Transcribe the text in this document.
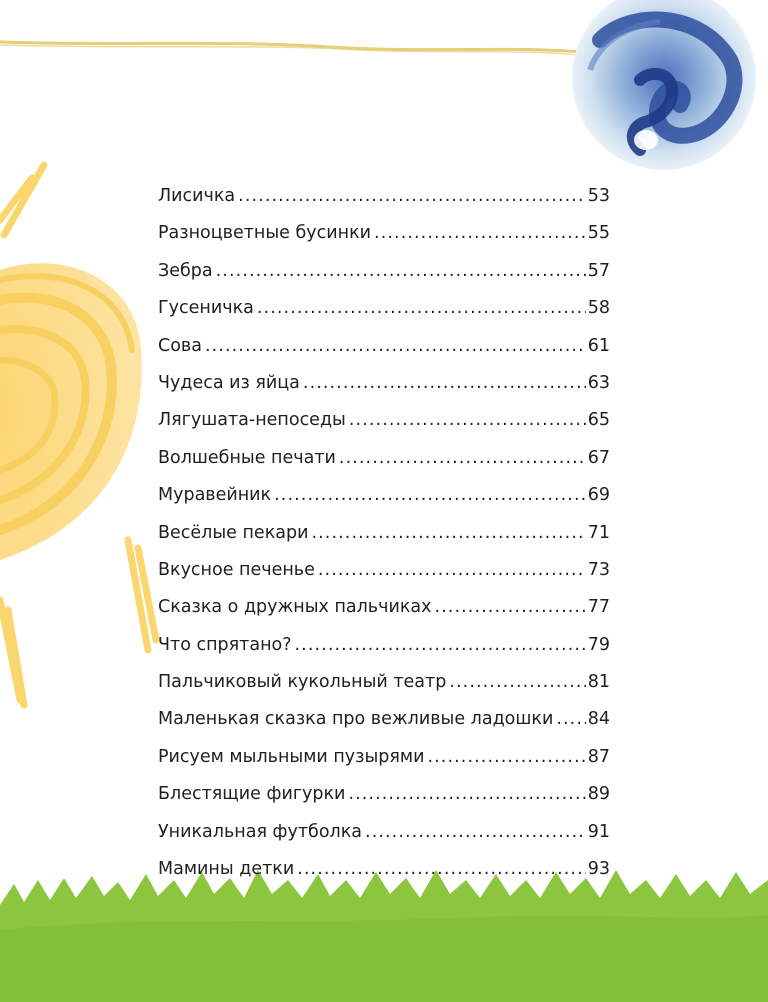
Лисичка .....	53
Разноцветные бусинки .....	55
Зебра .....	57
Гусеничка .....	58
Сова .....	61
Чудеса из яйца .....	63
Лягушата-непоседы .....	65
Волшебные печати .....	67
Муравейник .....	69
Весёлые пекари .....	71
Вкусное печенье .....	73
Сказка о дружных пальчиках .....	77
Что спрятано? .....	79
Пальчиковый кукольный театр .....	81
Маленькая сказка про вежливые ладошки ..... 84
Рисуем мыльными пузырями .....	87
Блестящие фигурки .....	89
Уникальная футболка .....	91
Мамины детки .....	93
